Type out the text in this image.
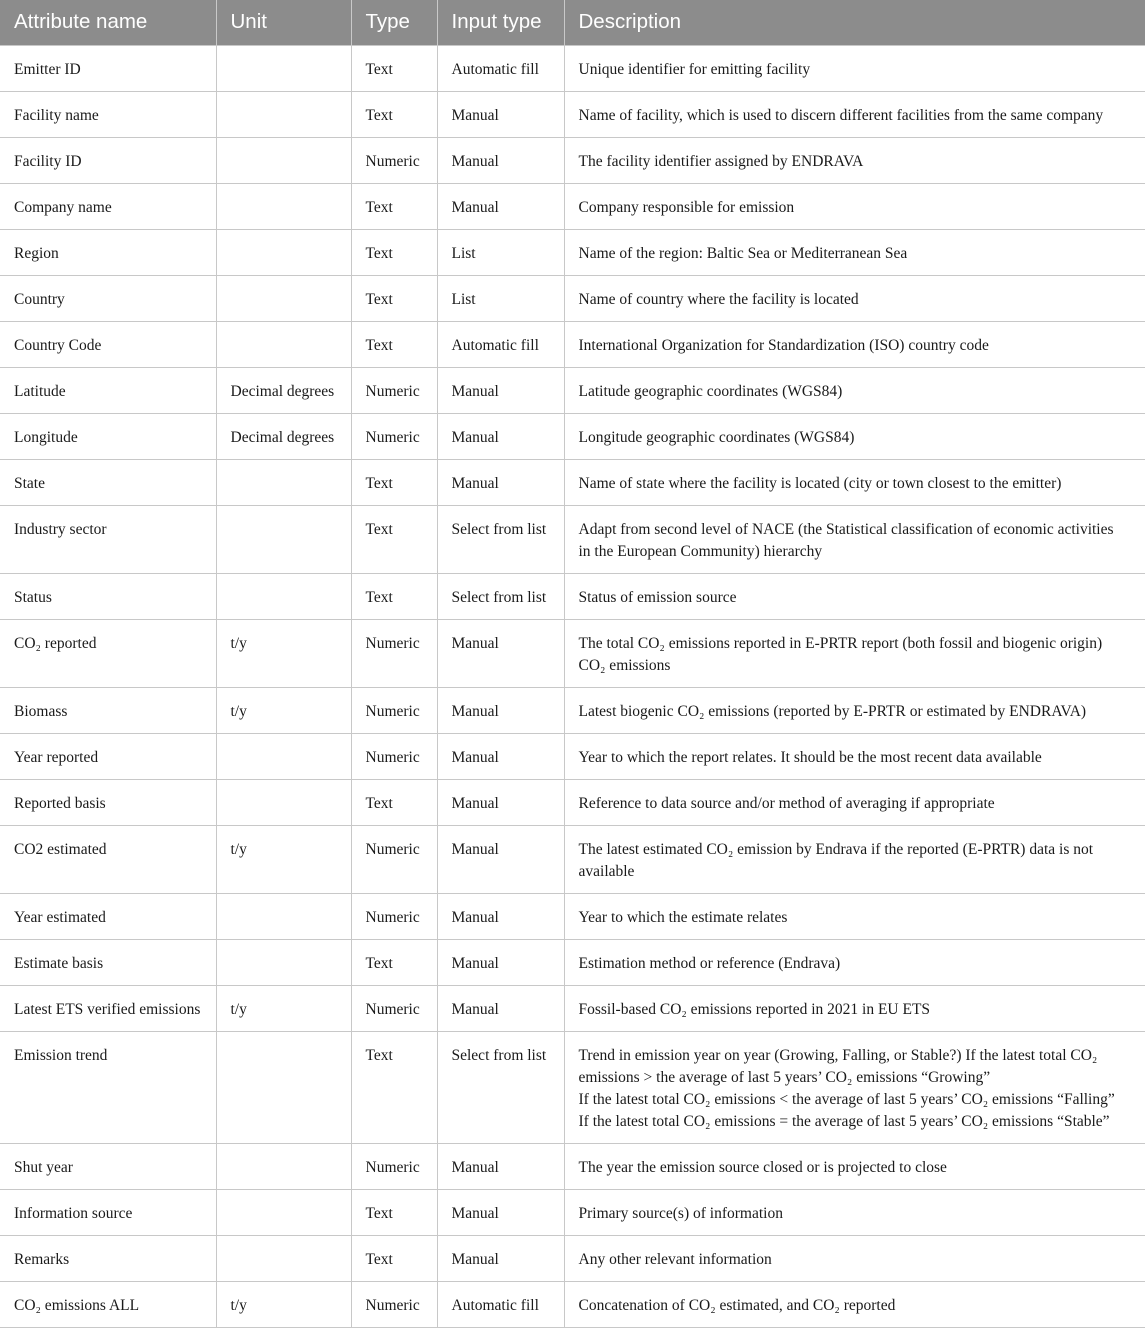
Attribute name	Unit	Type	Input type	Description
Emitter ID		Text	Automatic fill	Unique identifier for emitting facility

Facility name		Text	Manual	Name of facility, which is used to discern different facilities from the same company

Facility ID		Numeric	Manual	The facility identifier assigned by ENDRAVA

Company name		Text	Manual	Company responsible for emission

Region		Text	List	Name of the region: Baltic Sea or Mediterranean Sea

Country		Text	List	Name of country where the facility is located

Country Code		Text	Automatic fill	International Organization for Standardization (ISO) country code

Latitude	Decimal degrees	Numeric	Manual	Latitude geographic coordinates (WGS84)

Longitude	Decimal degrees	Numeric	Manual	Longitude geographic coordinates (WGS84)

State		Text	Manual	Name of state where the facility is located (city or town closest to the emitter)

Industry sector		Text	Select from list	Adapt from second level of NACE (the Statistical classification of economic activities
in the European Community) hierarchy

Status		Text	Select from list	Status of emission source

CO₂ reported	t/y	Numeric	Manual	The total CO₂ emissions reported in E-PRTR report (both fossil and biogenic origin)
CO₂ emissions

Biomass	t/y	Numeric	Manual	Latest biogenic CO₂ emissions (reported by E-PRTR or estimated by ENDRAVA)

Year reported		Numeric	Manual	Year to which the report relates. It should be the most recent data available

Reported basis		Text	Manual	Reference to data source and/or method of averaging if appropriate

CO2 estimated	t/y	Numeric	Manual	The latest estimated CO₂ emission by Endrava if the reported (E-PRTR) data is not
available

Year estimated		Numeric	Manual	Year to which the estimate relates

Estimate basis		Text	Manual	Estimation method or reference (Endrava)

Latest ETS verified emissions	t/y	Numeric	Manual	Fossil-based CO₂ emissions reported in 2021 in EU ETS

Emission trend		Text	Select from list	Trend in emission year on year (Growing, Falling, or Stable?) If the latest total CO₂
emissions > the average of last 5 years’ CO₂ emissions “Growing”
If the latest total CO₂ emissions < the average of last 5 years’ CO₂ emissions “Falling”
If the latest total CO₂ emissions = the average of last 5 years’ CO₂ emissions “Stable”

Shut year		Numeric	Manual	The year the emission source closed or is projected to close

Information source		Text	Manual	Primary source(s) of information

Remarks		Text	Manual	Any other relevant information

CO₂ emissions ALL	t/y	Numeric	Automatic fill	Concatenation of CO₂ estimated, and CO₂ reported
